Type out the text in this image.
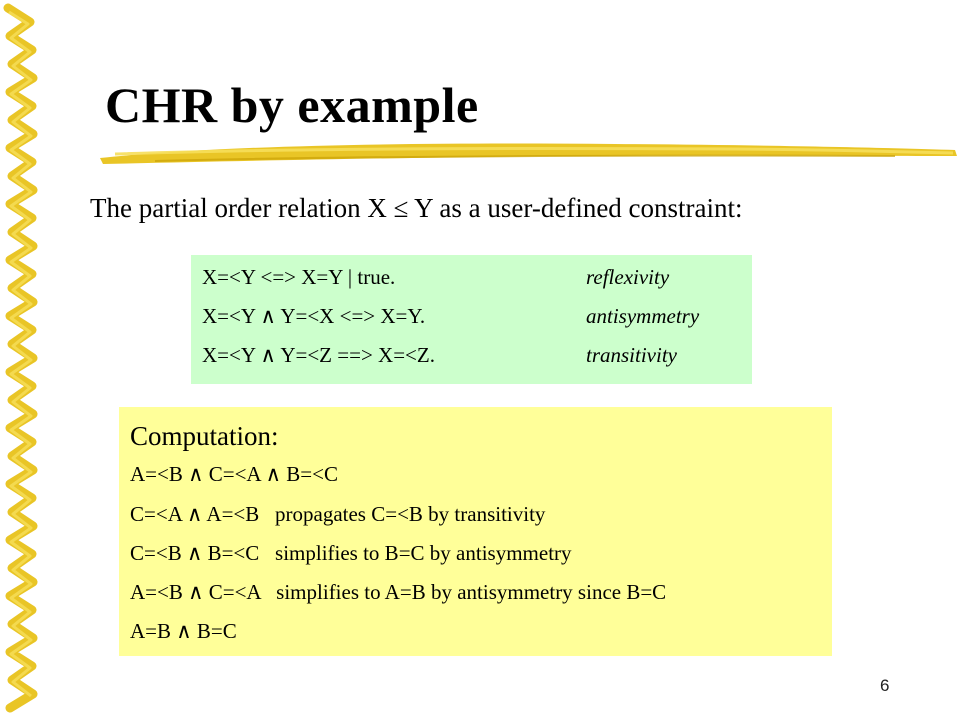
CHR by example
The partial order relation X ≤ Y as a user-defined constraint:
X=<Y <=> X=Y | true.	reflexivity
X=<Y ∧ Y=<X <=> X=Y.	antisymmetry
X=<Y ∧ Y=<Z ==> X=<Z.	transitivity
Computation:
A=<B ∧ C=<A ∧ B=<C
C=<A ∧ A=<B   propagates C=<B by transitivity
C=<B ∧ B=<C   simplifies to B=C by antisymmetry
A=<B ∧ C=<A   simplifies to A=B by antisymmetry since B=C
A=B ∧ B=C
6
